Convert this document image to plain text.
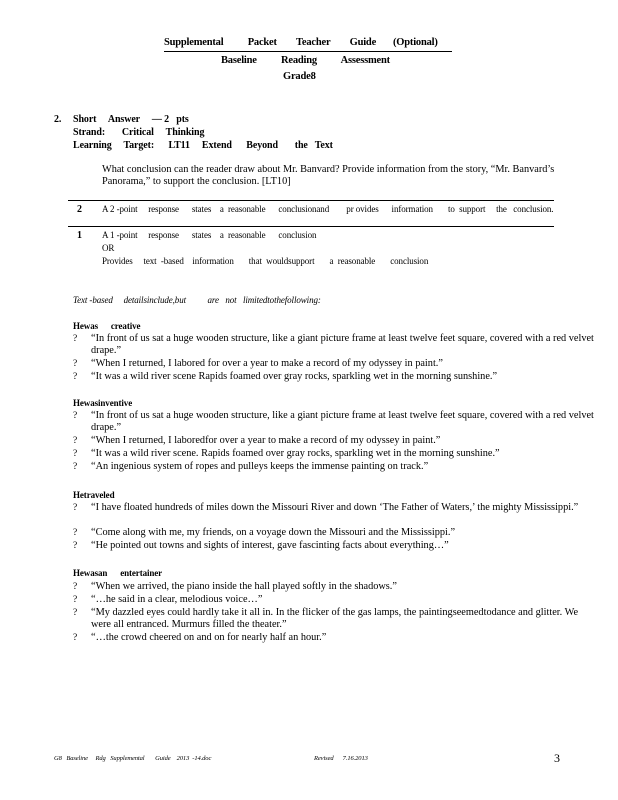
Supplemental          Packet        Teacher        Guide       (Optional)
Baseline          Reading          Assessment
Grade8
2. Short     Answer     — 2   pts
Strand:       Critical     Thinking
Learning     Target:      LT11     Extend      Beyond       the   Text
What conclusion can the reader draw about Mr. Banvard? Provide information from the story, “Mr. Banvard’s Panorama,” to support the conclusion. [LT10]
2 A 2 -point     response      states    a  reasonable      conclusionand        pr ovides      information       to  support     the   conclusion.
1 A 1 -point     response      states    a  reasonable      conclusion
OR
Provides     text  -based    information       that  wouldsupport       a  reasonable       conclusion
Text -based     detailsinclude,but          are   not   limitedtothefollowing:
Hewas      creative
? “In front of us sat a huge wooden structure, like a giant picture frame at least twelve feet square, covered with a red velvet drape.”
? “When I returned, I labored for over a year to make a record of my odyssey in paint.”
? “It was a wild river scene Rapids foamed over gray rocks, sparkling wet in the morning sunshine.”
Hewasinventive
? “In front of us sat a huge wooden structure, like a giant picture frame at least twelve feet square, covered with a red velvet drape.”
? “When I returned, I laboredfor over a year to make a record of my odyssey in paint.”
? “It was a wild river scene. Rapids foamed over gray rocks, sparkling wet in the morning sunshine.”
? “An ingenious system of ropes and pulleys keeps the immense painting on track.”
Hetraveled
? “I have floated hundreds of miles down the Missouri River and down ‘The Father of Waters,’ the mighty Mississippi.”
? “Come along with me, my friends, on a voyage down the Missouri and the Mississippi.”
? “He pointed out towns and sights of interest, gave fascinting facts about everything…”
Hewasan      entertainer
? “When we arrived, the piano inside the hall played softly in the shadows.”
? “…he said in a clear, melodious voice…”
? “My dazzled eyes could hardly take it all in. In the flicker of the gas lamps, the paintingseemedtodance and glitter. We were all entranced. Murmurs filled the theater.”
? “…the crowd cheered on and on for nearly half an hour.”
G8   Baseline     Rdg   Supplemental       Guide    2013  -14.doc	Revised      7.16.2013	3
